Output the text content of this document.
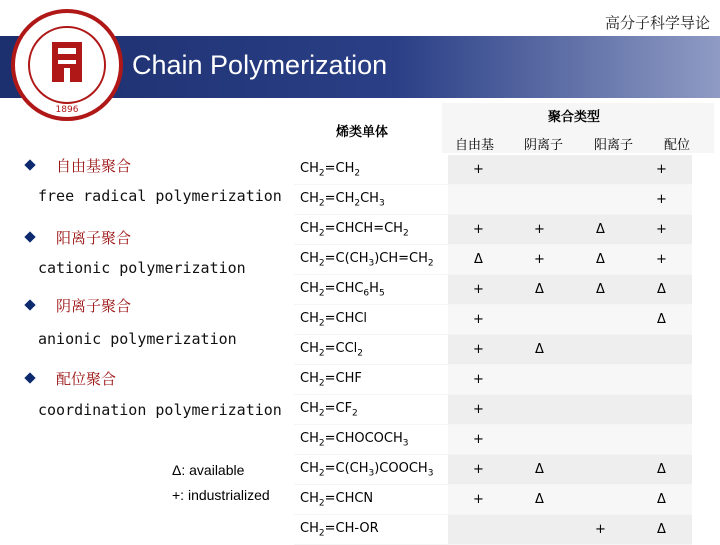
高分子科学导论
Chain Polymerization
1896
烯类单体
聚合类型
自由基 阴离子 阳离子 配位
$CH_2=CH_2$	+			+
$CH_2=CH_2CH_3$				+
$CH_2=CHCH=CH_2$	+	+	Δ	+
$CH_2=C(CH_3)CH=CH_2$	Δ	+	Δ	+
$CH_2=CHC_6H_5$	+	Δ	Δ	Δ
$CH_2=CHCl$	+			Δ
$CH_2=CCl_2$	+	Δ		
$CH_2=CHF$	+			
$CH_2=CF_2$	+			
$CH_2=CHOCOCH_3$	+			
$CH_2=C(CH_3)COOCH_3$	+	Δ		Δ
$CH_2=CHCN$	+	Δ		Δ
$CH_2=CH-OR$			+	Δ
自由基聚合
free radical polymerization
阳离子聚合
cationic polymerization
阴离子聚合
anionic polymerization
配位聚合
coordination polymerization
Δ: available
+: industrialized
